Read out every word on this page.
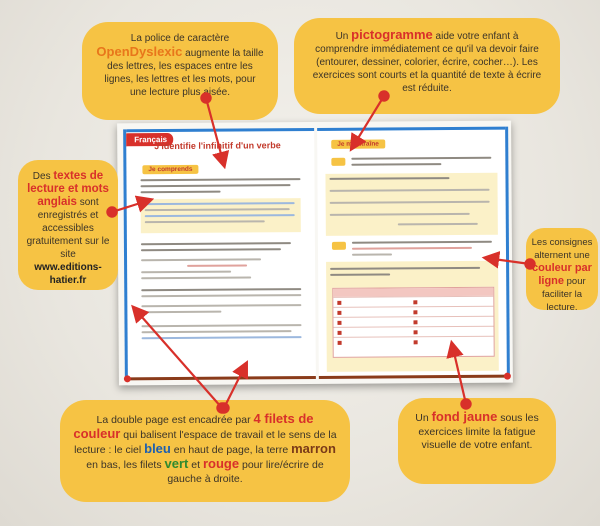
Français
J'identifie l'infinitif d'un verbe
Je comprends
Je m'entraîne
La police de caractère OpenDyslexic augmente la taille des lettres, les espaces entre les lignes, les lettres et les mots, pour une lecture plus aisée.
Un pictogramme aide votre enfant à comprendre immédiatement ce qu'il va devoir faire (entourer, dessiner, colorier, écrire, cocher…). Les exercices sont courts et la quantité de texte à écrire est réduite.
Des textes de lecture et mots anglais sont enregistrés et accessibles gratuitement sur le site
www.editions-hatier.fr
Les consignes alternent une couleur par ligne pour faciliter la lecture.
La double page est encadrée par 4 filets de couleur qui balisent l'espace de travail et le sens de la lecture : le ciel bleu en haut de page, la terre marron en bas, les filets vert et rouge pour lire/écrire de gauche à droite.
Un fond jaune sous les exercices limite la fatigue visuelle de votre enfant.
